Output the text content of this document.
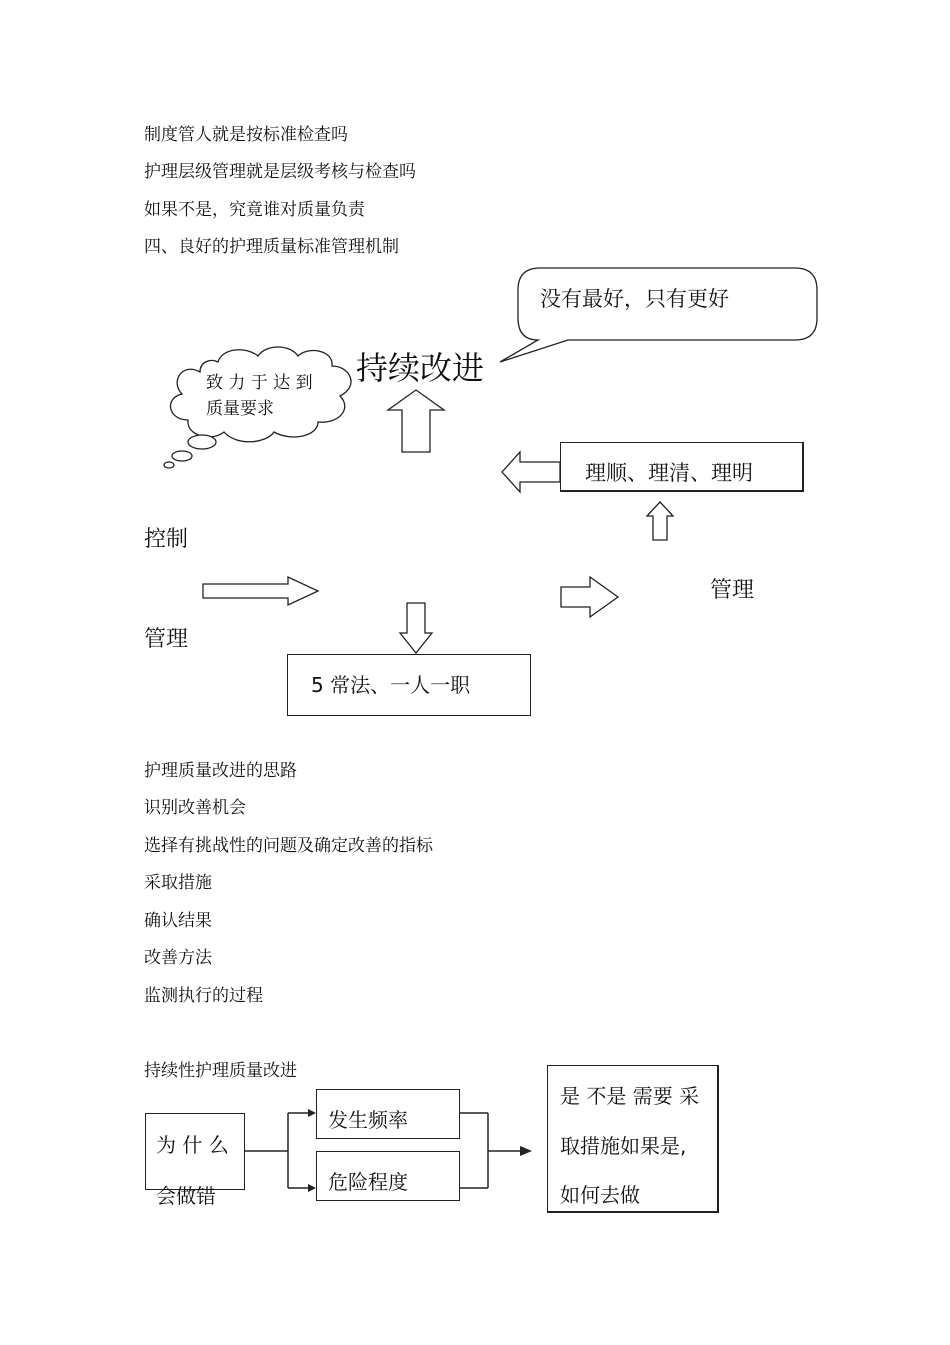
制度管人就是按标准检查吗
护理层级管理就是层级考核与检查吗
如果不是，究竟谁对质量负责
四、良好的护理质量标准管理机制
没有最好，只有更好
持续改进
致 力 于 达 到
质量要求
理顺、理清、理明
控制
管理
管理
5 常法、一人一职
护理质量改进的思路
识别改善机会
选择有挑战性的问题及确定改善的指标
采取措施
确认结果
改善方法
监测执行的过程
持续性护理质量改进
为 什 么
会做错
发生频率
危险程度
是 不是 需要 采
取措施如果是,
如何去做
